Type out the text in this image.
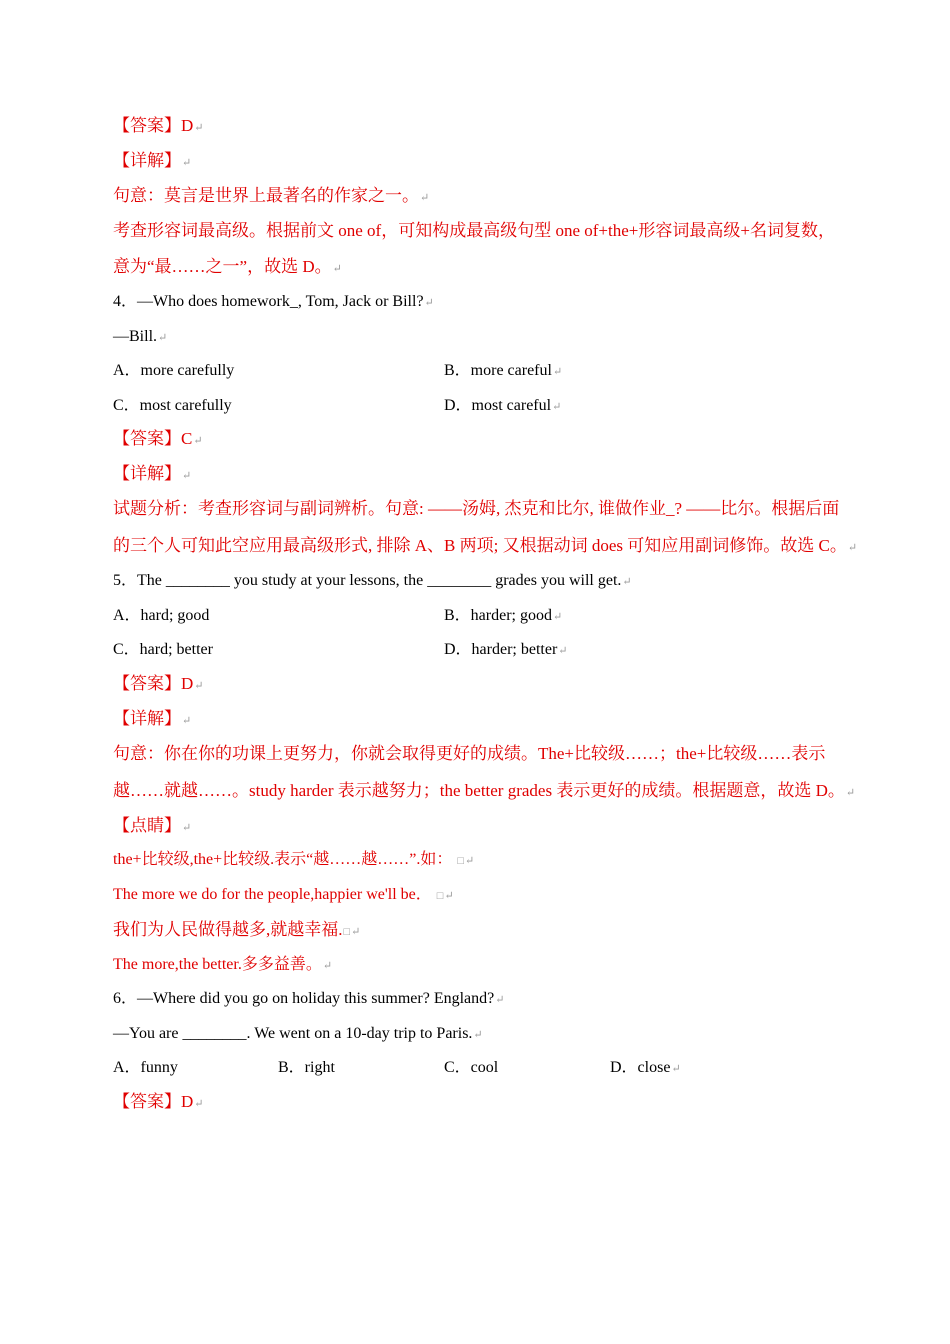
【答案】D↵
【详解】↵
句意：莫言是世界上最著名的作家之一。↵
考查形容词最高级。根据前文 one of，可知构成最高级句型 one of+the+形容词最高级+名词复数，
意为“最……之一”，故选 D。↵
4．—Who does homework_, Tom, Jack or Bill?↵
—Bill.↵
A．more carefully	B．more careful↵
C．most carefully	D．most careful↵
【答案】C↵
【详解】↵
试题分析：考查形容词与副词辨析。句意: ——汤姆, 杰克和比尔, 谁做作业_? ——比尔。根据后面
的三个人可知此空应用最高级形式, 排除 A、B 两项; 又根据动词 does 可知应用副词修饰。故选 C。↵
5．The ________ you study at your lessons, the ________ grades you will get.↵
A．hard; good	B．harder; good↵
C．hard; better	D．harder; better↵
【答案】D↵
【详解】↵
句意：你在你的功课上更努力，你就会取得更好的成绩。The+比较级……；the+比较级……表示
越……就越……。study harder 表示越努力；the better grades 表示更好的成绩。根据题意，故选 D。↵
【点睛】↵
the+比较级,the+比较级.表示“越……越……”.如： □↵
The more we do for the people,happier we'll be． □↵
我们为人民做得越多,就越幸福.□↵
The more,the better.多多益善。↵
6．—Where did you go on holiday this summer? England?↵
—You are ________. We went on a 10-day trip to Paris.↵
A．funny	B．right	C．cool	D．close↵
【答案】D↵
